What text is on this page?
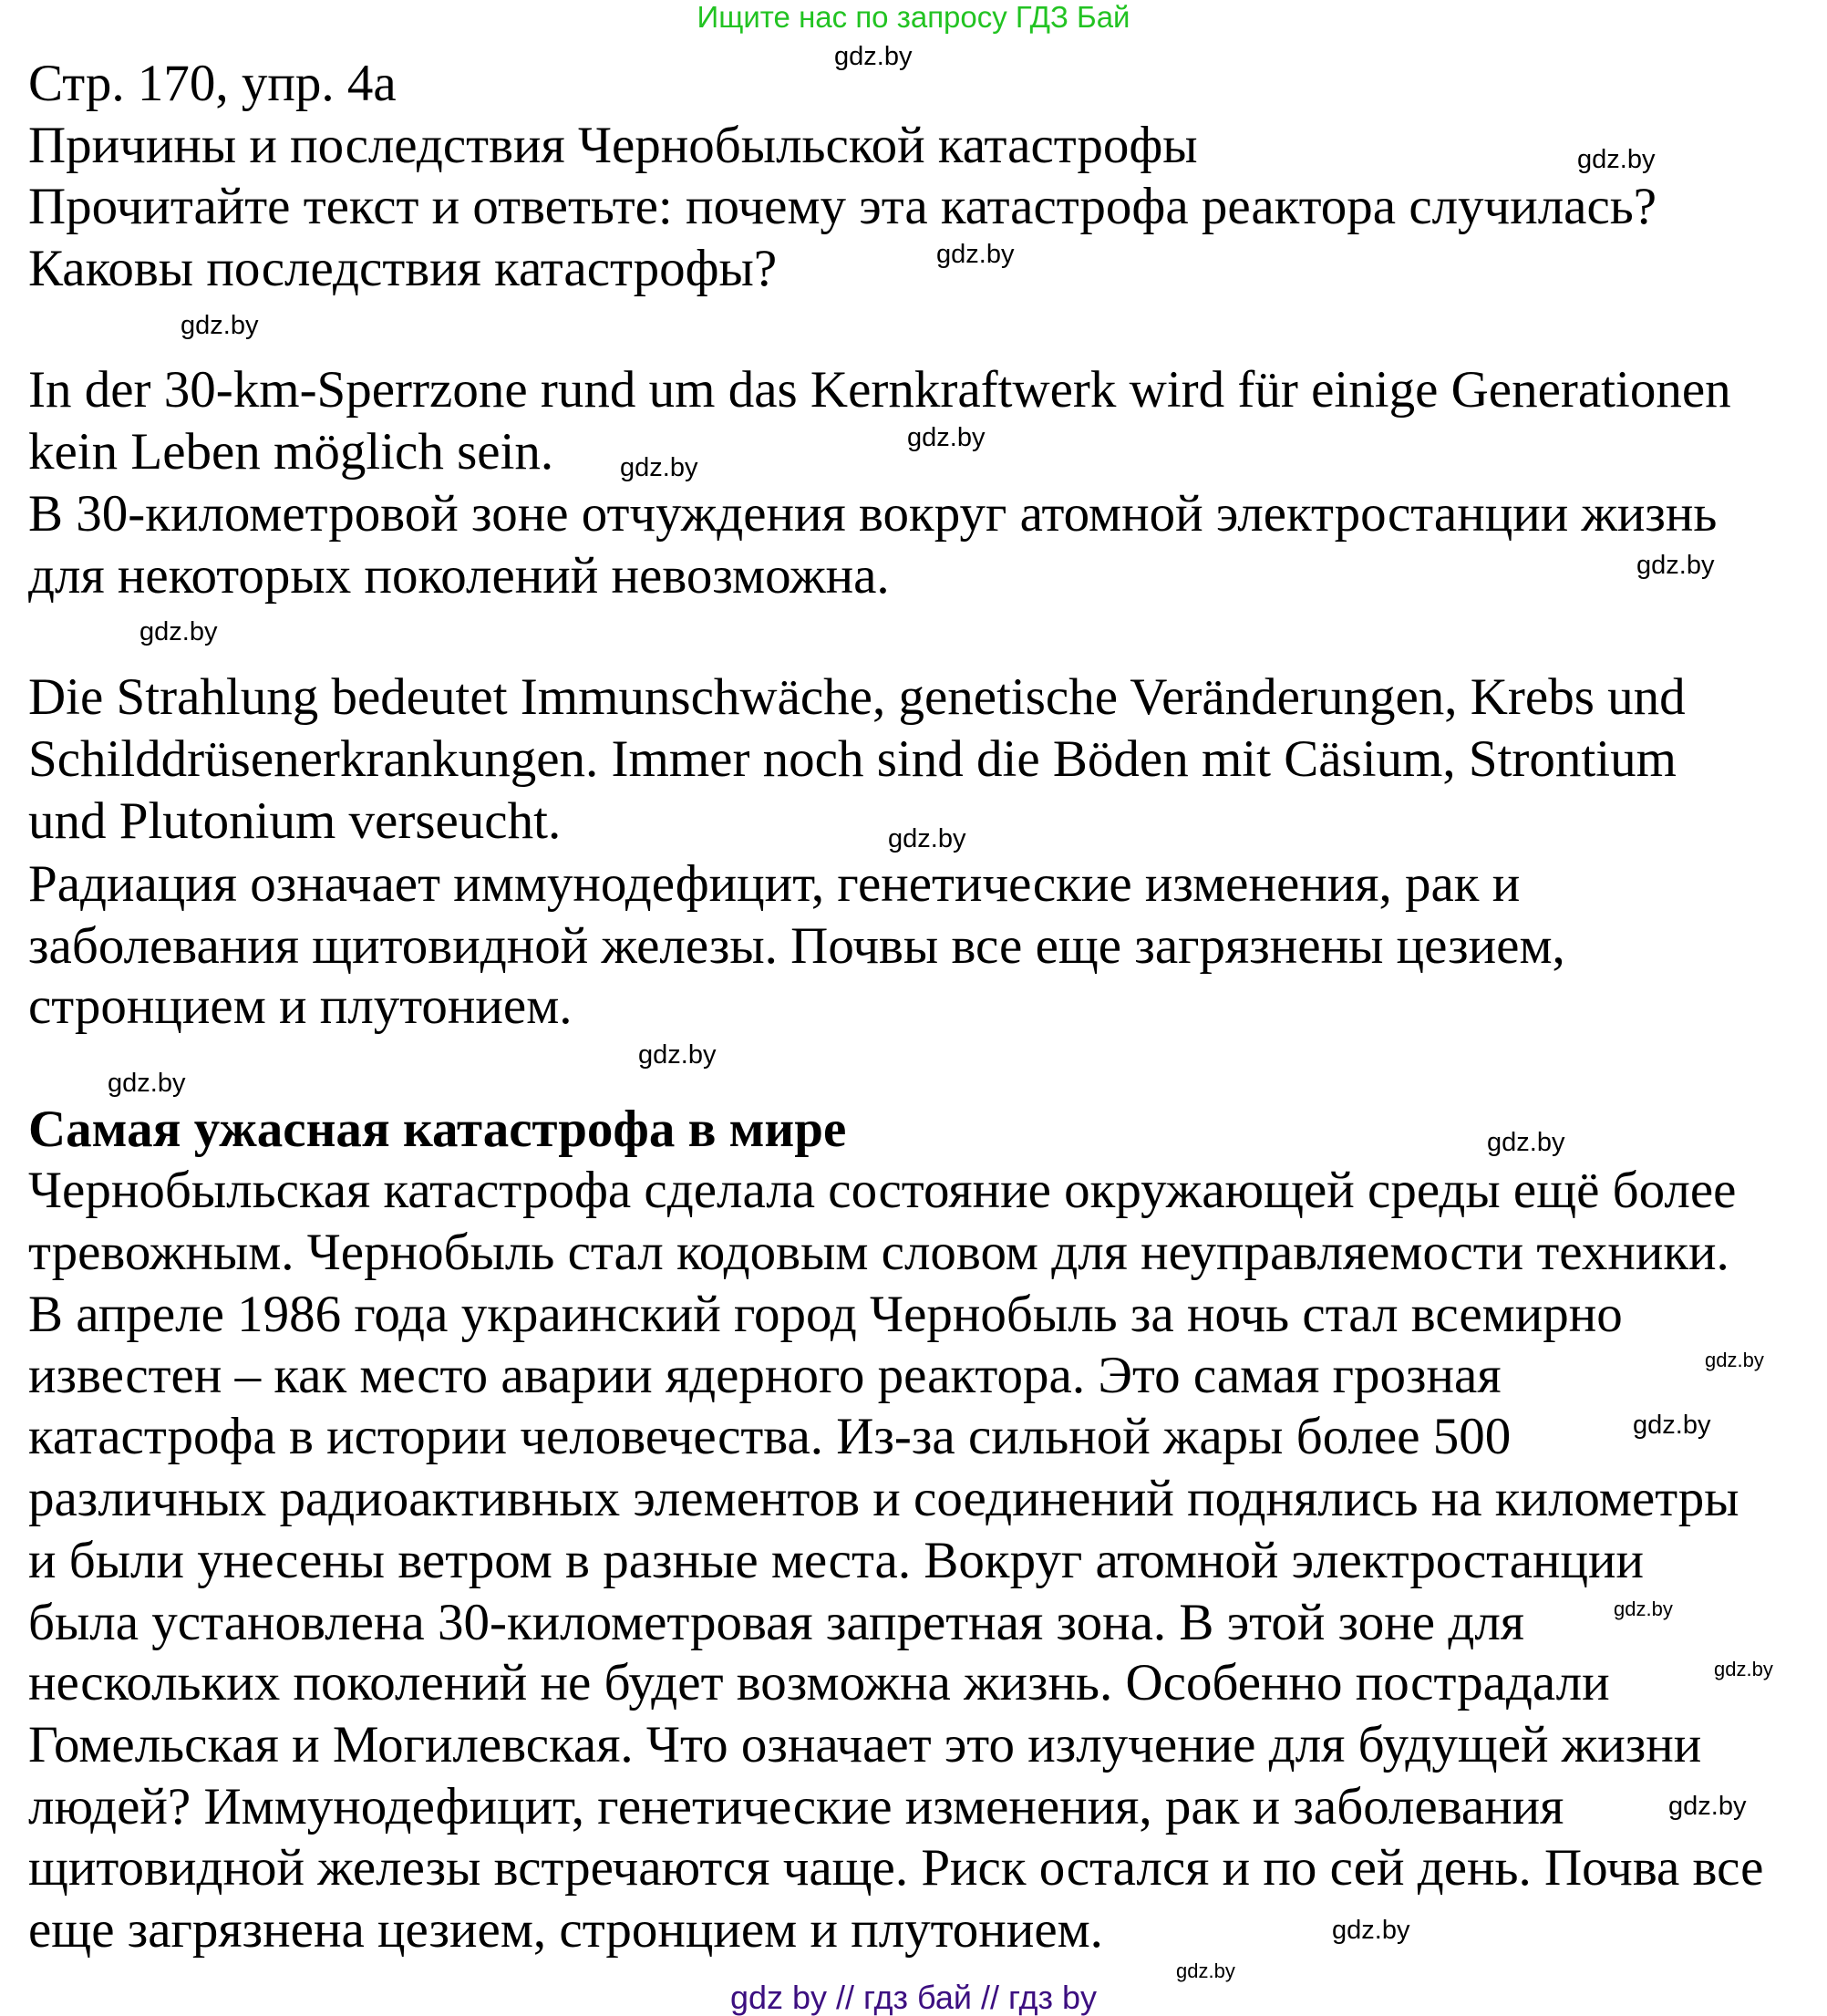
Ищите нас по запросу ГДЗ Бай
Стр. 170, упр. 4а
Причины и последствия Чернобыльской катастрофы
Прочитайте текст и ответьте: почему эта катастрофа реактора случилась?
Каковы последствия катастрофы?
In der 30-km-Sperrzone rund um das Kernkraftwerk wird für einige Generationen
kein Leben möglich sein.
В 30-километровой зоне отчуждения вокруг атомной электростанции жизнь
для некоторых поколений невозможна.
Die Strahlung bedeutet Immunschwäche, genetische Veränderungen, Krebs und
Schilddrüsenerkrankungen. Immer noch sind die Böden mit Cäsium, Strontium
und Plutonium verseucht.
Радиация означает иммунодефицит, генетические изменения, рак и
заболевания щитовидной железы. Почвы все еще загрязнены цезием,
стронцием и плутонием.
Самая ужасная катастрофа в мире
Чернобыльская катастрофа сделала состояние окружающей среды ещё более
тревожным. Чернобыль стал кодовым словом для неуправляемости техники.
В апреле 1986 года украинский город Чернобыль за ночь стал всемирно
известен – как место аварии ядерного реактора. Это самая грозная
катастрофа в истории человечества. Из-за сильной жары более 500
различных радиоактивных элементов и соединений поднялись на километры
и были унесены ветром в разные места. Вокруг атомной электростанции
была установлена 30-километровая запретная зона. В этой зоне для
нескольких поколений не будет возможна жизнь. Особенно пострадали
Гомельская и Могилевская. Что означает это излучение для будущей жизни
людей? Иммунодефицит, генетические изменения, рак и заболевания
щитовидной железы встречаются чаще. Риск остался и по сей день. Почва все
еще загрязнена цезием, стронцием и плутонием.
gdz.by
gdz.by
gdz.by
gdz.by
gdz.by
gdz.by
gdz.by
gdz.by
gdz.by
gdz.by
gdz.by
gdz.by
gdz.by
gdz.by
gdz.by
gdz.by
gdz.by
gdz.by
gdz.by
gdz by // гдз бай // гдз by
